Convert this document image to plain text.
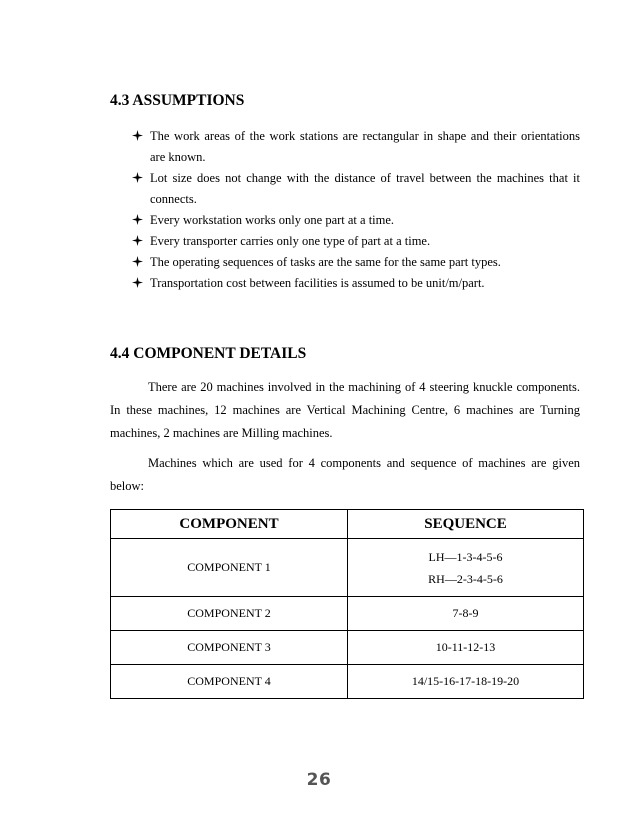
4.3 ASSUMPTIONS
The work areas of the work stations are rectangular in shape and their orientations
are known.
Lot size does not change with the distance of travel between the machines that it
connects.
Every workstation works only one part at a time.
Every transporter carries only one type of part at a time.
The operating sequences of tasks are the same for the same part types.
Transportation cost between facilities is assumed to be unit/m/part.
4.4 COMPONENT DETAILS

There are 20 machines involved in the machining of 4 steering knuckle components. In these machines, 12 machines are Vertical Machining Centre, 6 machines are Turning machines, 2 machines are Milling machines.

Machines which are used for 4 components and sequence of machines are given below:

COMPONENT	SEQUENCE
COMPONENT 1	LH—1-3-4-5-6
RH—2-3-4-5-6

COMPONENT 2	7-8-9
COMPONENT 3	10-11-12-13
COMPONENT 4	14/15-16-17-18-19-20
26
